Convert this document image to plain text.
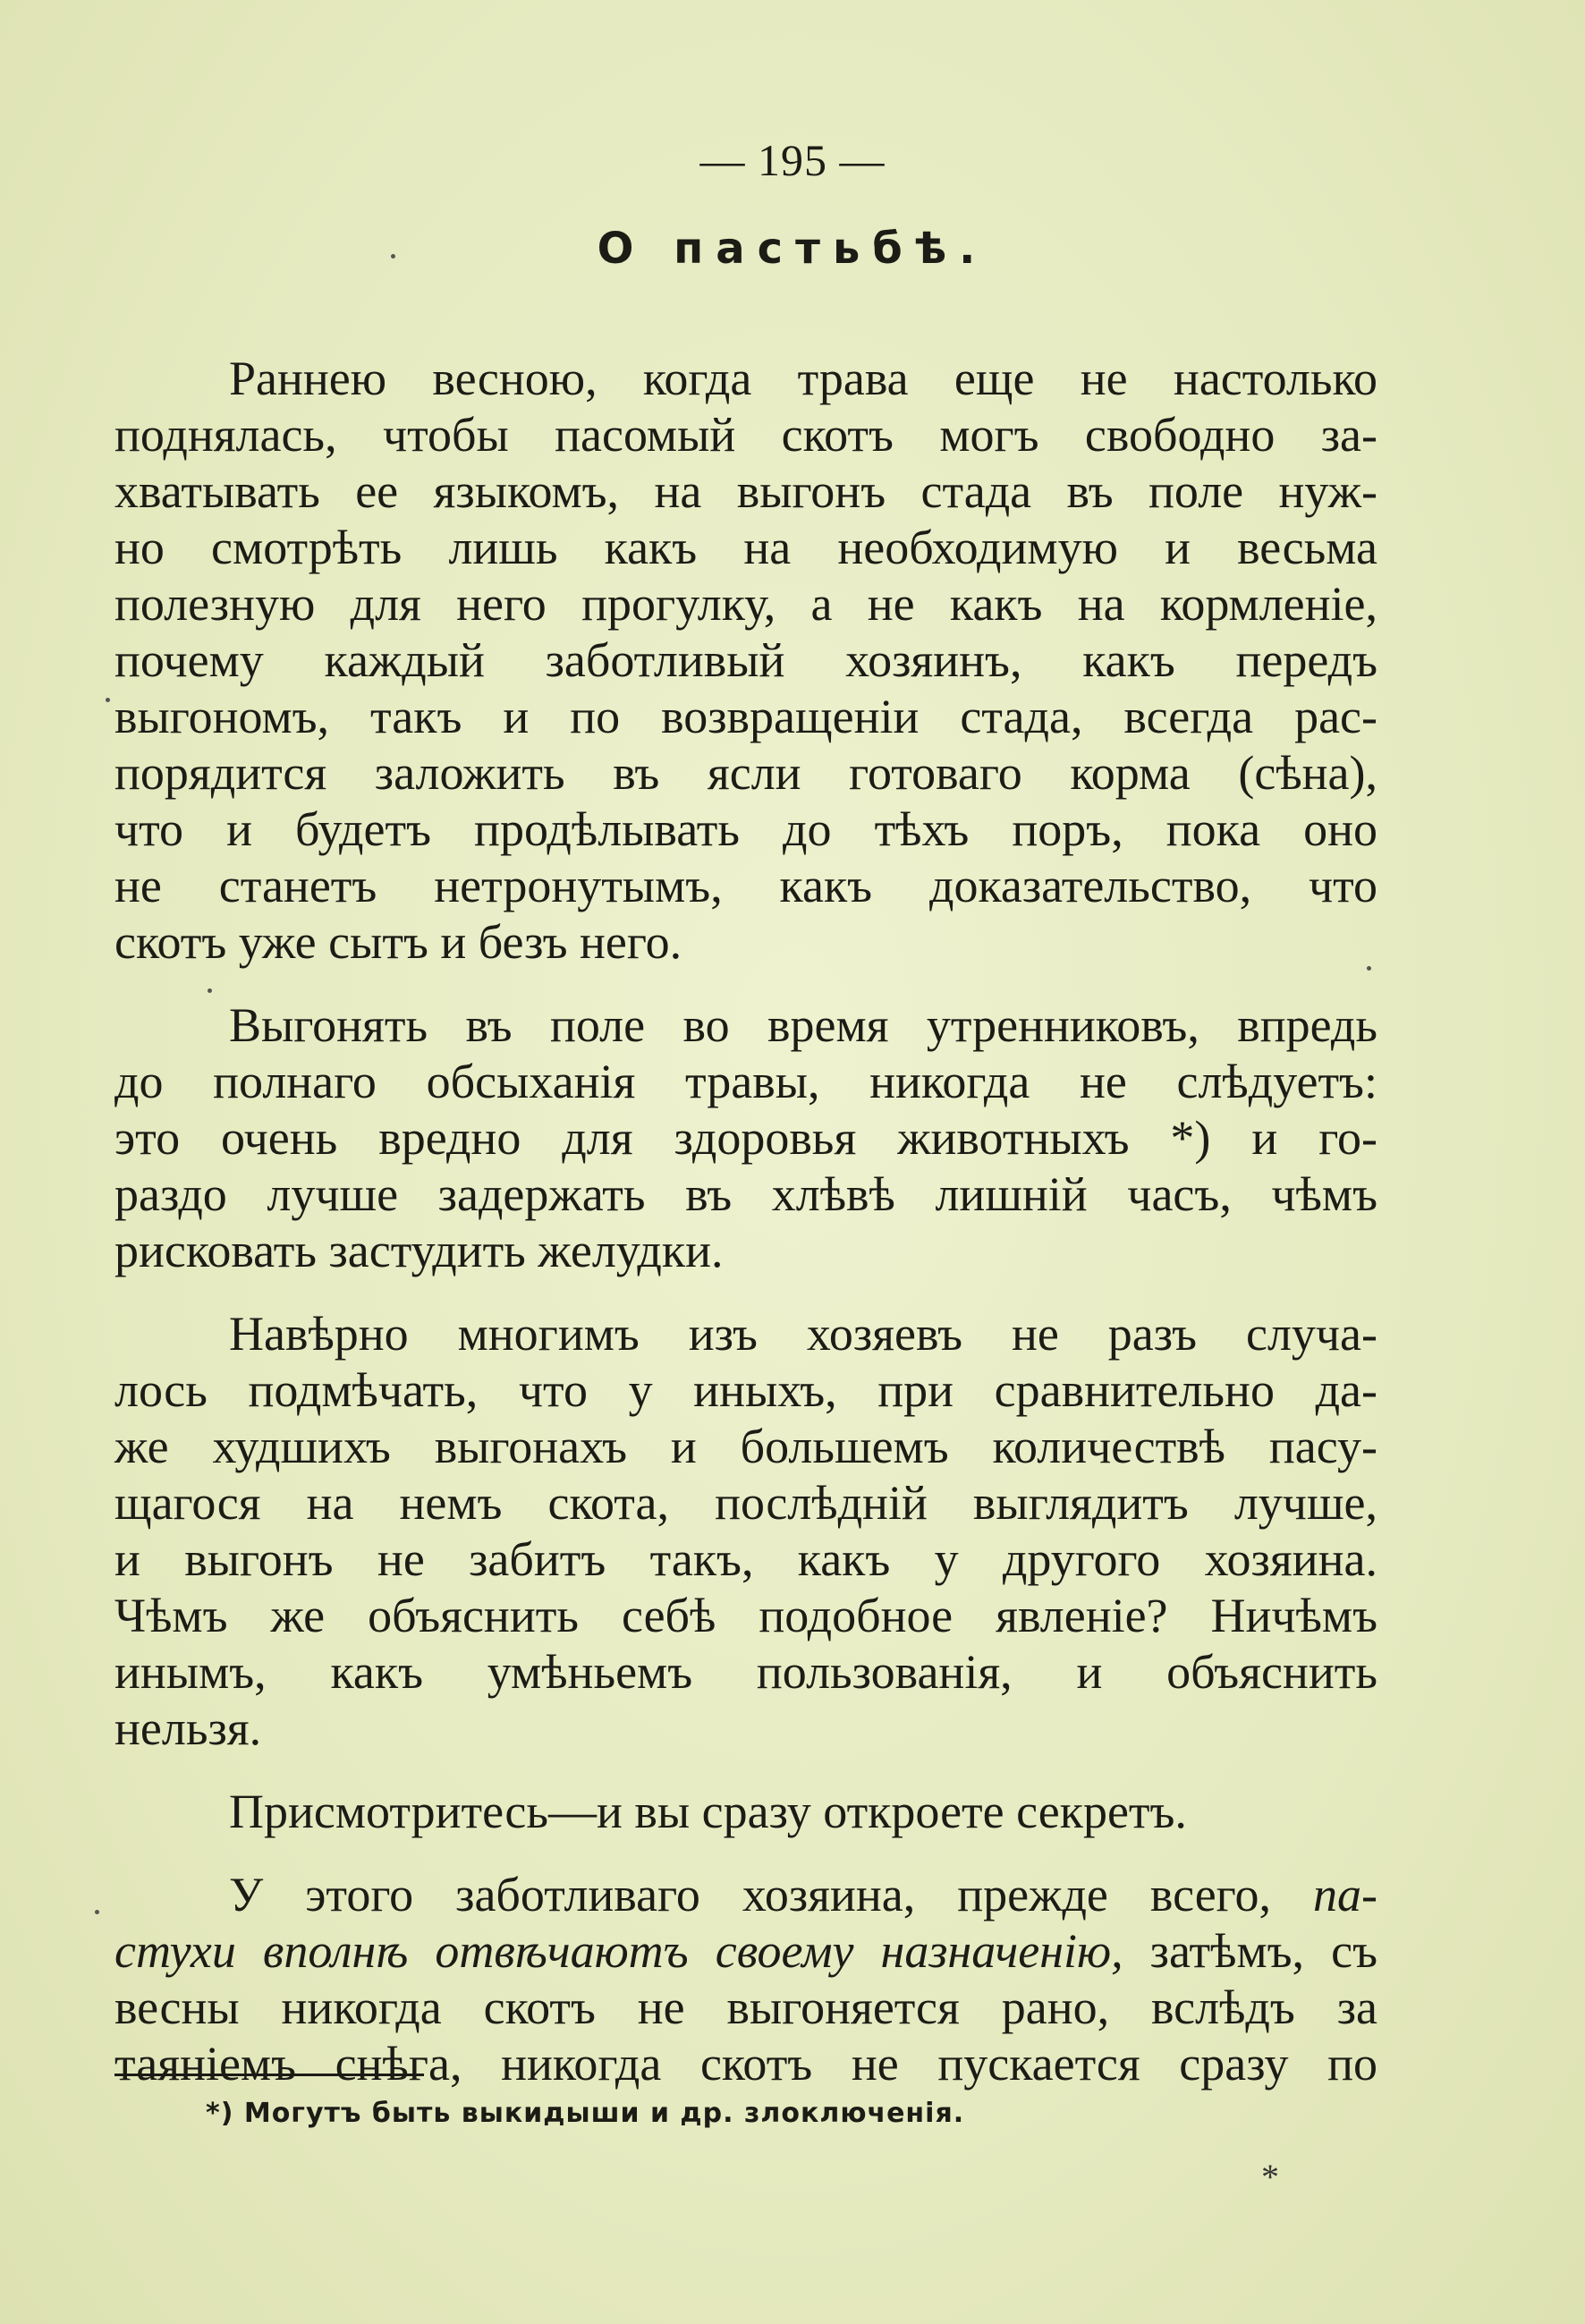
— 195 —
О пастьбѣ.
Раннею весною, когда трава еще не настолько
поднялась, чтобы пасомый скотъ могъ свободно за-
хватывать ее языкомъ, на выгонъ стада въ поле нуж-
но смотрѣть лишь какъ на необходимую и весьма
полезную для него прогулку, а не какъ на кормленіе,
почему каждый заботливый хозяинъ, какъ передъ
выгономъ, такъ и по возвращеніи стада, всегда рас-
порядится заложить въ ясли готоваго корма (сѣна),
что и будетъ продѣлывать до тѣхъ поръ, пока оно
не станетъ нетронутымъ, какъ доказательство, что
скотъ уже сытъ и безъ него.
Выгонять въ поле во время утренниковъ, впредь
до полнаго обсыханія травы, никогда не слѣдуетъ:
это очень вредно для здоровья животныхъ *) и го-
раздо лучше задержать въ хлѣвѣ лишній часъ, чѣмъ
рисковать застудить желудки.
Навѣрно многимъ изъ хозяевъ не разъ случа-
лось подмѣчать, что у иныхъ, при сравнительно да-
же худшихъ выгонахъ и большемъ количествѣ пасу-
щагося на немъ скота, послѣдній выглядитъ лучше,
и выгонъ не забитъ такъ, какъ у другого хозяина.
Чѣмъ же объяснить себѣ подобное явленіе? Ничѣмъ
инымъ, какъ умѣньемъ пользованія, и объяснить
нельзя.
Присмотритесь—и вы сразу откроете секретъ.
У этого заботливаго хозяина, прежде всего, па-
стухи вполнѣ отвѣчаютъ своему назначенію, затѣмъ, съ
весны никогда скотъ не выгоняется рано, вслѣдъ за
таяніемъ снѣга, никогда скотъ не пускается сразу по
*) Могутъ быть выкидыши и др. злоключенія.
*
